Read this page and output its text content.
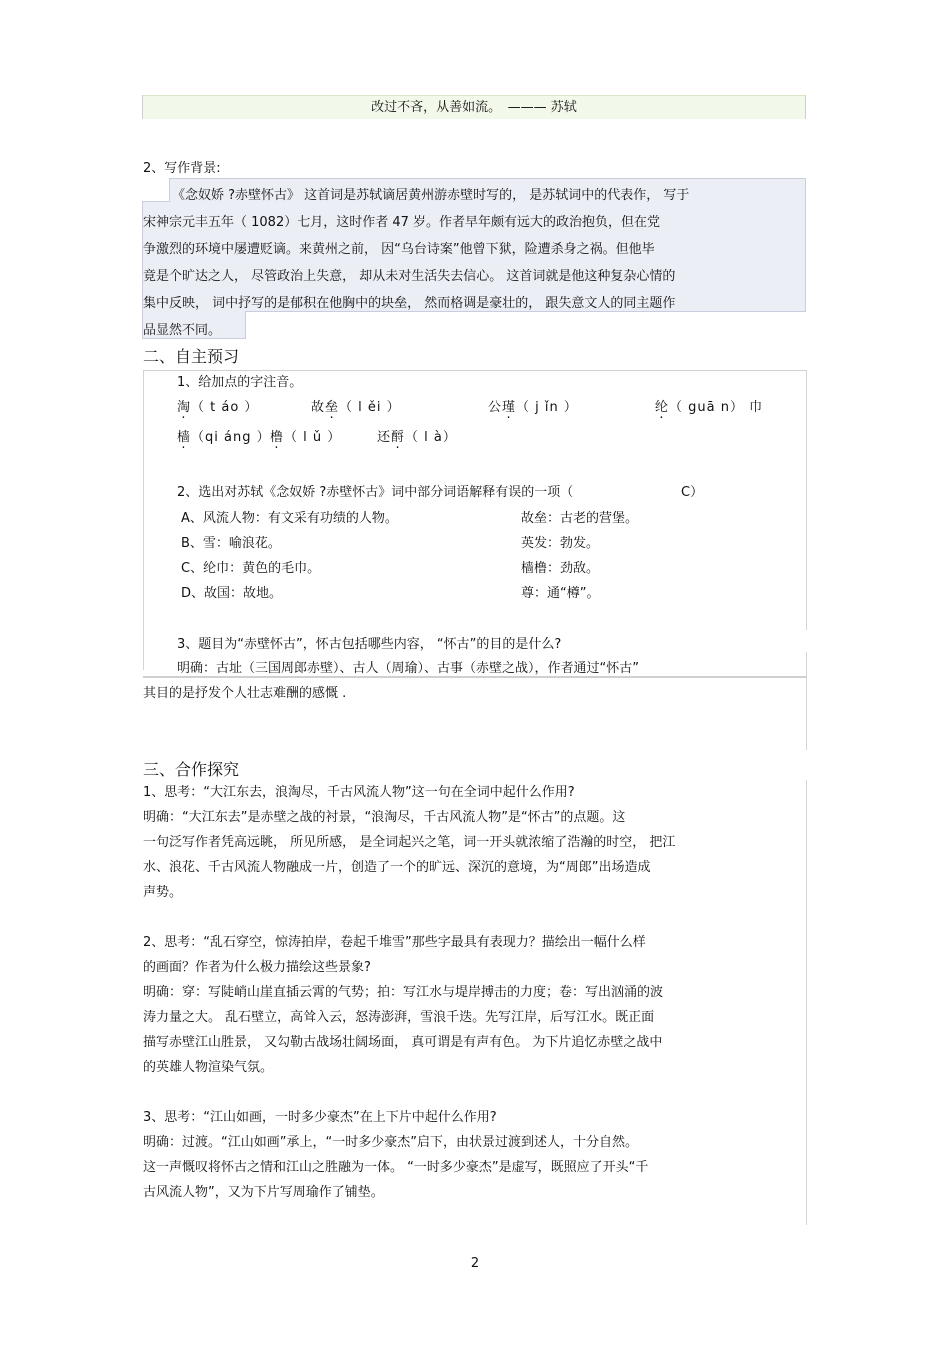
改过不吝，从善如流。　——— 苏轼
2、写作背景:
《念奴娇 ?赤壁怀古》 这首词是苏轼谪居黄州游赤壁时写的， 是苏轼词中的代表作， 写于
宋神宗元丰五年（ 1082）七月，这时作者 47 岁。作者早年颇有远大的政治抱负，但在党
争激烈的环境中屡遭贬谪。来黄州之前， 因“乌台诗案”他曾下狱，险遭杀身之祸。但他毕
竟是个旷达之人， 尽管政治上失意， 却从未对生活失去信心。 这首词就是他这种复杂心情的
集中反映， 词中抒写的是郁积在他胸中的块垒， 然而格调是豪壮的， 跟失意文人的同主题作
品显然不同。
二、自主预习
1、给加点的字注音。
淘（ t áo ）	故垒（ l ěi ）	公瑾（ j ǐn ）	纶（ guā n） 巾
樯（qi áng ） 橹（ l ǔ ）	还酹（ l à）
2、选出对苏轼《念奴娇 ?赤壁怀古》词中部分词语解释有误的一项（	C）
A、风流人物：有文采有功绩的人物。	故垒：古老的营堡。
B、雪：喻浪花。	英发：勃发。
C、纶巾：黄色的毛巾。	樯橹：劲敌。
D、故国：故地。	尊：通“樽”。
3、题目为“赤壁怀古”，怀古包括哪些内容， “怀古”的目的是什么?
明确：古址（三国周郎赤壁）、古人（周瑜）、古事（赤壁之战），作者通过“怀古”
其目的是抒发个人壮志难酬的感慨 .
三、合作探究
1、思考：“大江东去，浪淘尽，千古风流人物”这一句在全词中起什么作用?
明确：“大江东去”是赤壁之战的衬景，“浪淘尽，千古风流人物”是“怀古”的点题。这
一句泛写作者凭高远眺， 所见所感， 是全词起兴之笔，词一开头就浓缩了浩瀚的时空， 把江
水、浪花、千古风流人物融成一片，创造了一个的旷远、深沉的意境，为“周郎”出场造成
声势。
2、思考：“乱石穿空，惊涛拍岸，卷起千堆雪”那些字最具有表现力？描绘出一幅什么样
的画面？作者为什么极力描绘这些景象?
明确：穿：写陡峭山崖直插云霄的气势；拍：写江水与堤岸搏击的力度；卷：写出汹涌的波
涛力量之大。 乱石壁立，高耸入云，怒涛澎湃，雪浪千迭。先写江岸，后写江水。既正面
描写赤壁江山胜景， 又勾勒古战场壮阔场面， 真可谓是有声有色。 为下片追忆赤壁之战中
的英雄人物渲染气氛。
3、思考：“江山如画，一时多少豪杰”在上下片中起什么作用?
明确：过渡。“江山如画”承上，“一时多少豪杰”启下，由状景过渡到述人，十分自然。
这一声慨叹将怀古之情和江山之胜融为一体。 “一时多少豪杰”是虚写，既照应了开头“千
古风流人物”，又为下片写周瑜作了铺垫。
2
